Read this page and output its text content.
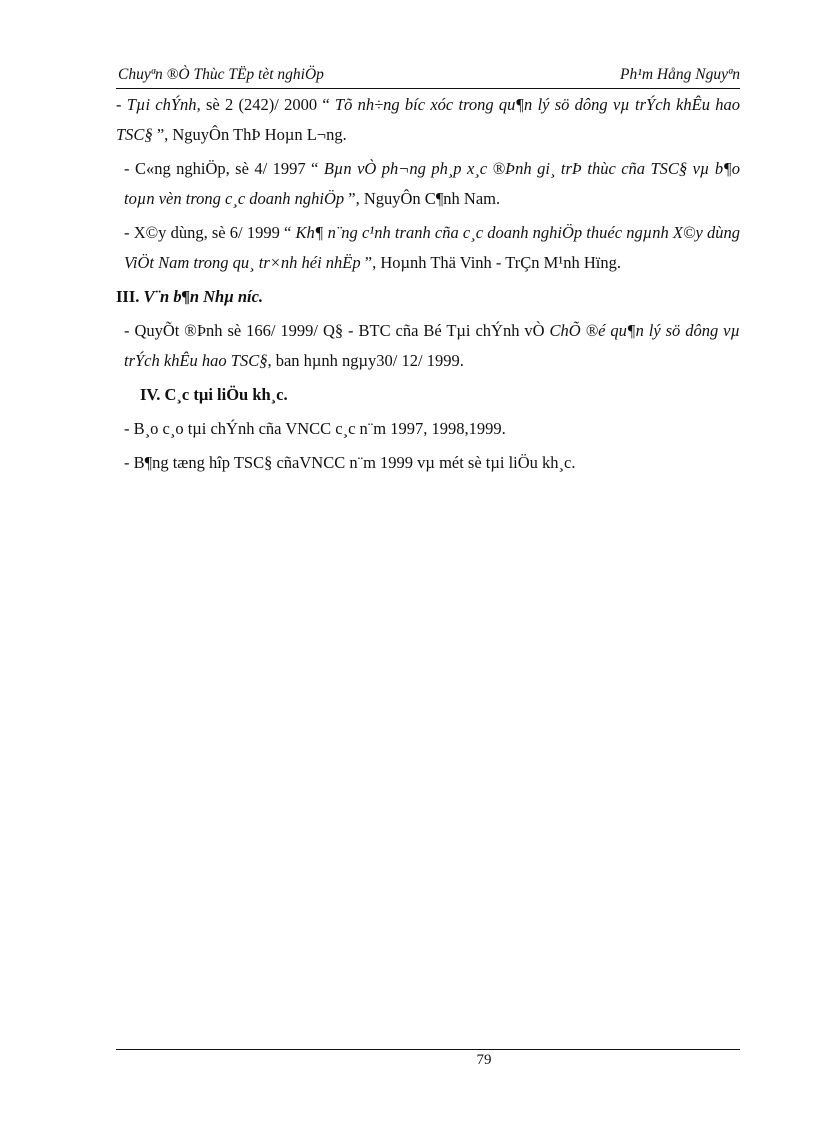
Chuyªn ®Ò Thùc TËp tèt nghiÖp	Ph¹m Hång Nguyªn

- Tµi chÝnh, sè 2 (242)/ 2000 “ Tõ nh÷ng bíc xóc trong qu¶n lý sö dông vµ trÝch khÊu hao TSC§ ”, NguyÔn ThÞ Hoµn L¬ng.

- C«ng nghiÖp, sè 4/ 1997 “ Bµn vÒ ph¬ng ph¸p x¸c ®Þnh gi¸ trÞ thùc cña TSC§ vµ b¶o toµn vèn trong c¸c doanh nghiÖp ”, NguyÔn C¶nh Nam.

- X©y dùng, sè 6/ 1999 “ Kh¶ n¨ng c¹nh tranh cña c¸c doanh nghiÖp thuéc ngµnh X©y dùng ViÖt Nam trong qu¸ tr×nh héi nhËp ”, Hoµnh Thä Vinh - TrÇn M¹nh Hïng.

III. V¨n b¶n Nhµ níc.

- QuyÕt ®Þnh sè 166/ 1999/ Q§ - BTC cña Bé Tµi chÝnh vÒ ChÕ ®é qu¶n lý sö dông vµ trÝch khÊu hao TSC§, ban hµnh ngµy30/ 12/ 1999.

IV. C¸c tµi liÖu kh¸c.

- B¸o c¸o tµi chÝnh cña VNCC c¸c n¨m 1997, 1998,1999.

- B¶ng tæng hîp TSC§ cñaVNCC n¨m 1999 vµ mét sè tµi liÖu kh¸c.

79
